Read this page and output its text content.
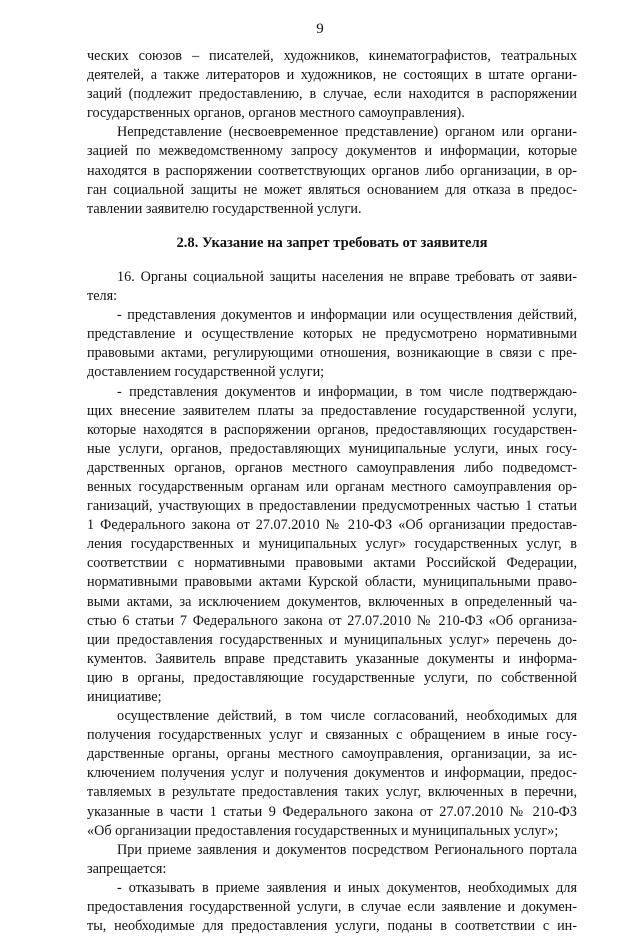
9
ческих союзов – писателей, художников, кинематографистов, театральных
деятелей, а также литераторов и художников, не состоящих в штате органи-
заций (подлежит предоставлению, в случае, если находится в распоряжении
государственных органов, органов местного самоуправления).
Непредставление (несвоевременное представление) органом или органи-
зацией по межведомственному запросу документов и информации, которые
находятся в распоряжении соответствующих органов либо организации, в ор-
ган социальной защиты не может являться основанием для отказа в предос-
тавлении заявителю государственной услуги.
2.8. Указание на запрет требовать от заявителя
16. Органы социальной защиты населения не вправе требовать от заяви-
теля:
- представления документов и информации или осуществления действий,
представление и осуществление которых не предусмотрено нормативными
правовыми актами, регулирующими отношения, возникающие в связи с пре-
доставлением государственной услуги;
- представления документов и информации, в том числе подтверждаю-
щих внесение заявителем платы за предоставление государственной услуги,
которые находятся в распоряжении органов, предоставляющих государствен-
ные услуги, органов, предоставляющих муниципальные услуги, иных госу-
дарственных органов, органов местного самоуправления либо подведомст-
венных государственным органам или органам местного самоуправления ор-
ганизаций, участвующих в предоставлении предусмотренных частью 1 статьи
1 Федерального закона от 27.07.2010 № 210-ФЗ «Об организации предостав-
ления государственных и муниципальных услуг» государственных услуг, в
соответствии с нормативными правовыми актами Российской Федерации,
нормативными правовыми актами Курской области, муниципальными право-
выми актами, за исключением документов, включенных в определенный ча-
стью 6 статьи 7 Федерального закона от 27.07.2010 № 210-ФЗ «Об организа-
ции предоставления государственных и муниципальных услуг» перечень до-
кументов. Заявитель вправе представить указанные документы и информа-
цию в органы, предоставляющие государственные услуги, по собственной
инициативе;
осуществление действий, в том числе согласований, необходимых для
получения государственных услуг и связанных с обращением в иные госу-
дарственные органы, органы местного самоуправления, организации, за ис-
ключением получения услуг и получения документов и информации, предос-
тавляемых в результате предоставления таких услуг, включенных в перечни,
указанные в части 1 статьи 9 Федерального закона от 27.07.2010 № 210-ФЗ
«Об организации предоставления государственных и муниципальных услуг»;
При приеме заявления и документов посредством Регионального портала
запрещается:
- отказывать в приеме заявления и иных документов, необходимых для
предоставления государственной услуги, в случае если заявление и докумен-
ты, необходимые для предоставления услуги, поданы в соответствии с ин-
